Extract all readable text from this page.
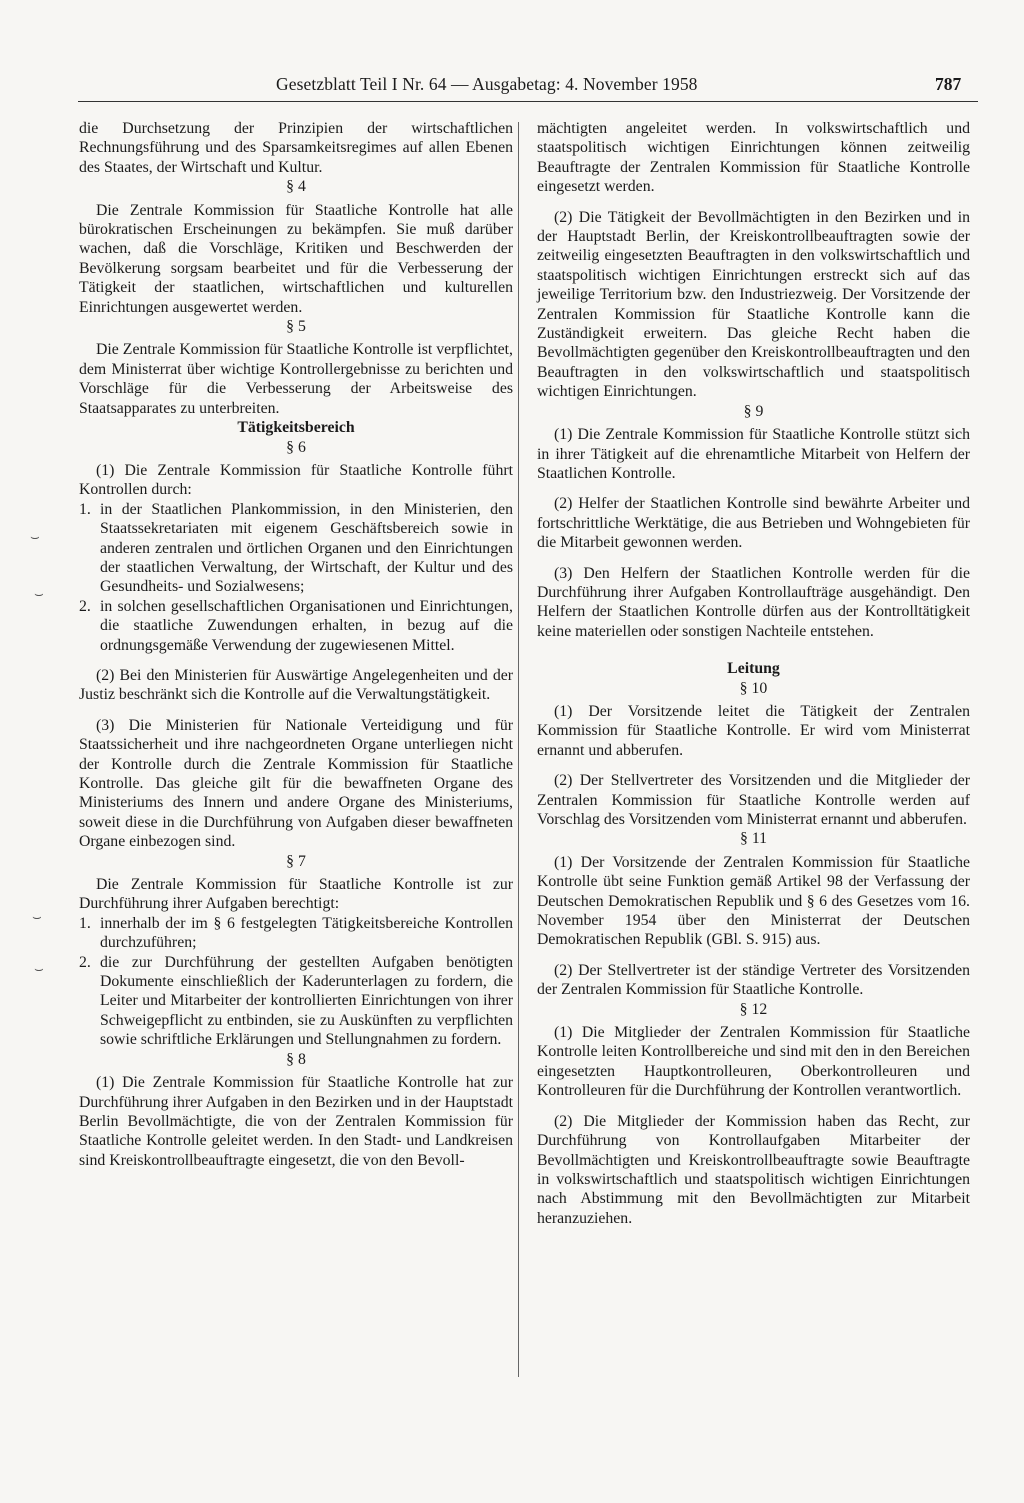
Gesetzblatt Teil I Nr. 64 — Ausgabetag: 4. November 1958	787
⌣
⌣
⌣
⌣

die Durchsetzung der Prinzipien der wirtschaftlichen Rechnungsführung und des Sparsamkeitsregimes auf allen Ebenen des Staates, der Wirtschaft und Kultur.

§ 4

Die Zentrale Kommission für Staatliche Kontrolle hat alle bürokratischen Erscheinungen zu bekämpfen. Sie muß darüber wachen, daß die Vorschläge, Kritiken und Beschwerden der Bevölkerung sorgsam bearbeitet und für die Verbesserung der Tätigkeit der staatlichen, wirtschaftlichen und kulturellen Einrichtungen ausgewertet werden.

§ 5

Die Zentrale Kommission für Staatliche Kontrolle ist verpflichtet, dem Ministerrat über wichtige Kontrollergebnisse zu berichten und Vorschläge für die Verbesserung der Arbeitsweise des Staatsapparates zu unterbreiten.

Tätigkeitsbereich

§ 6

(1) Die Zentrale Kommission für Staatliche Kontrolle führt Kontrollen durch:

1. in der Staatlichen Plankommission, in den Ministerien, den Staatssekretariaten mit eigenem Geschäftsbereich sowie in anderen zentralen und örtlichen Organen und den Einrichtungen der staatlichen Verwaltung, der Wirtschaft, der Kultur und des Gesundheits- und Sozialwesens;
2. in solchen gesellschaftlichen Organisationen und Einrichtungen, die staatliche Zuwendungen erhalten, in bezug auf die ordnungsgemäße Verwendung der zugewiesenen Mittel.

(2) Bei den Ministerien für Auswärtige Angelegenheiten und der Justiz beschränkt sich die Kontrolle auf die Verwaltungstätigkeit.

(3) Die Ministerien für Nationale Verteidigung und für Staatssicherheit und ihre nachgeordneten Organe unterliegen nicht der Kontrolle durch die Zentrale Kommission für Staatliche Kontrolle. Das gleiche gilt für die bewaffneten Organe des Ministeriums des Innern und andere Organe des Ministeriums, soweit diese in die Durchführung von Aufgaben dieser bewaffneten Organe einbezogen sind.

§ 7

Die Zentrale Kommission für Staatliche Kontrolle ist zur Durchführung ihrer Aufgaben berechtigt:

1. innerhalb der im § 6 festgelegten Tätigkeitsbereiche Kontrollen durchzuführen;
2. die zur Durchführung der gestellten Aufgaben benötigten Dokumente einschließlich der Kaderunterlagen zu fordern, die Leiter und Mitarbeiter der kontrollierten Einrichtungen von ihrer Schweigepflicht zu entbinden, sie zu Auskünften zu verpflichten sowie schriftliche Erklärungen und Stellungnahmen zu fordern.

§ 8

(1) Die Zentrale Kommission für Staatliche Kontrolle hat zur Durchführung ihrer Aufgaben in den Bezirken und in der Hauptstadt Berlin Bevollmächtigte, die von der Zentralen Kommission für Staatliche Kontrolle geleitet werden. In den Stadt- und Landkreisen sind Kreiskontrollbeauftragte eingesetzt, die von den Bevoll-

mächtigten angeleitet werden. In volkswirtschaftlich und staatspolitisch wichtigen Einrichtungen können zeitweilig Beauftragte der Zentralen Kommission für Staatliche Kontrolle eingesetzt werden.

(2) Die Tätigkeit der Bevollmächtigten in den Bezirken und in der Hauptstadt Berlin, der Kreiskontrollbeauftragten sowie der zeitweilig eingesetzten Beauftragten in den volkswirtschaftlich und staatspolitisch wichtigen Einrichtungen erstreckt sich auf das jeweilige Territorium bzw. den Industriezweig. Der Vorsitzende der Zentralen Kommission für Staatliche Kontrolle kann die Zuständigkeit erweitern. Das gleiche Recht haben die Bevollmächtigten gegenüber den Kreiskontrollbeauftragten und den Beauftragten in den volkswirtschaftlich und staatspolitisch wichtigen Einrichtungen.

§ 9

(1) Die Zentrale Kommission für Staatliche Kontrolle stützt sich in ihrer Tätigkeit auf die ehrenamtliche Mitarbeit von Helfern der Staatlichen Kontrolle.

(2) Helfer der Staatlichen Kontrolle sind bewährte Arbeiter und fortschrittliche Werktätige, die aus Betrieben und Wohngebieten für die Mitarbeit gewonnen werden.

(3) Den Helfern der Staatlichen Kontrolle werden für die Durchführung ihrer Aufgaben Kontrollaufträge ausgehändigt. Den Helfern der Staatlichen Kontrolle dürfen aus der Kontrolltätigkeit keine materiellen oder sonstigen Nachteile entstehen.

Leitung

§ 10

(1) Der Vorsitzende leitet die Tätigkeit der Zentralen Kommission für Staatliche Kontrolle. Er wird vom Ministerrat ernannt und abberufen.

(2) Der Stellvertreter des Vorsitzenden und die Mitglieder der Zentralen Kommission für Staatliche Kontrolle werden auf Vorschlag des Vorsitzenden vom Ministerrat ernannt und abberufen.

§ 11

(1) Der Vorsitzende der Zentralen Kommission für Staatliche Kontrolle übt seine Funktion gemäß Artikel 98 der Verfassung der Deutschen Demokratischen Republik und § 6 des Gesetzes vom 16. November 1954 über den Ministerrat der Deutschen Demokratischen Republik (GBl. S. 915) aus.

(2) Der Stellvertreter ist der ständige Vertreter des Vorsitzenden der Zentralen Kommission für Staatliche Kontrolle.

§ 12

(1) Die Mitglieder der Zentralen Kommission für Staatliche Kontrolle leiten Kontrollbereiche und sind mit den in den Bereichen eingesetzten Hauptkontrolleuren, Oberkontrolleuren und Kontrolleuren für die Durchführung der Kontrollen verantwortlich.

(2) Die Mitglieder der Kommission haben das Recht, zur Durchführung von Kontrollaufgaben Mitarbeiter der Bevollmächtigten und Kreiskontrollbeauftragte sowie Beauftragte in volkswirtschaftlich und staatspolitisch wichtigen Einrichtungen nach Abstimmung mit den Bevollmächtigten zur Mitarbeit heranzuziehen.
